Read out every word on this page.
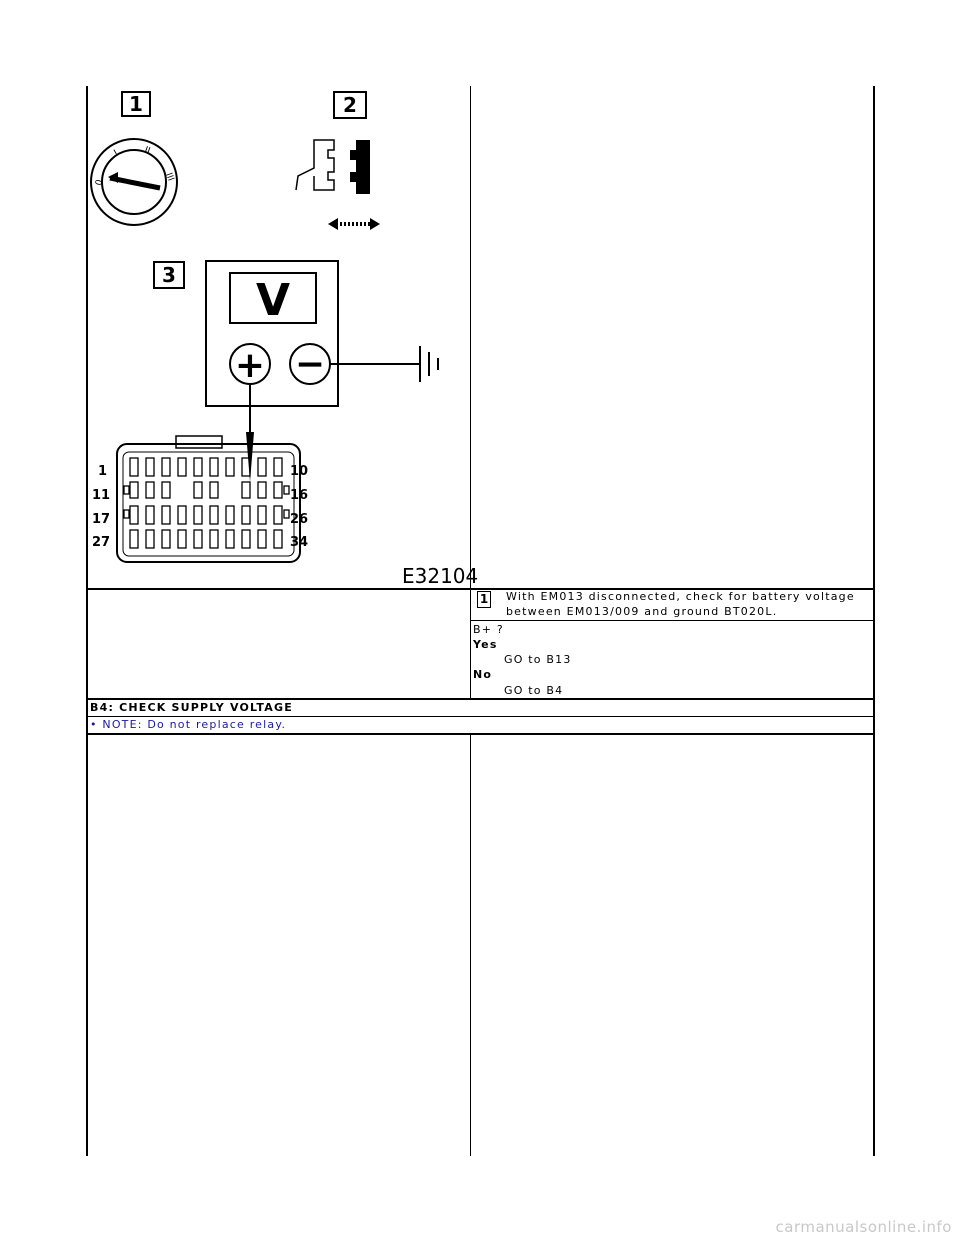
1	2
3
0
I	II
III
V
+ −
1
11
17
27
10
16
26
34
E32104
1 With EM013 disconnected, check for battery voltage
between EM013/009 and ground BT020L.
B+ ?
Yes
GO to B13
No
GO to B4
B4: CHECK SUPPLY VOLTAGE
• NOTE: Do not replace relay.
carmanualsonline.info
